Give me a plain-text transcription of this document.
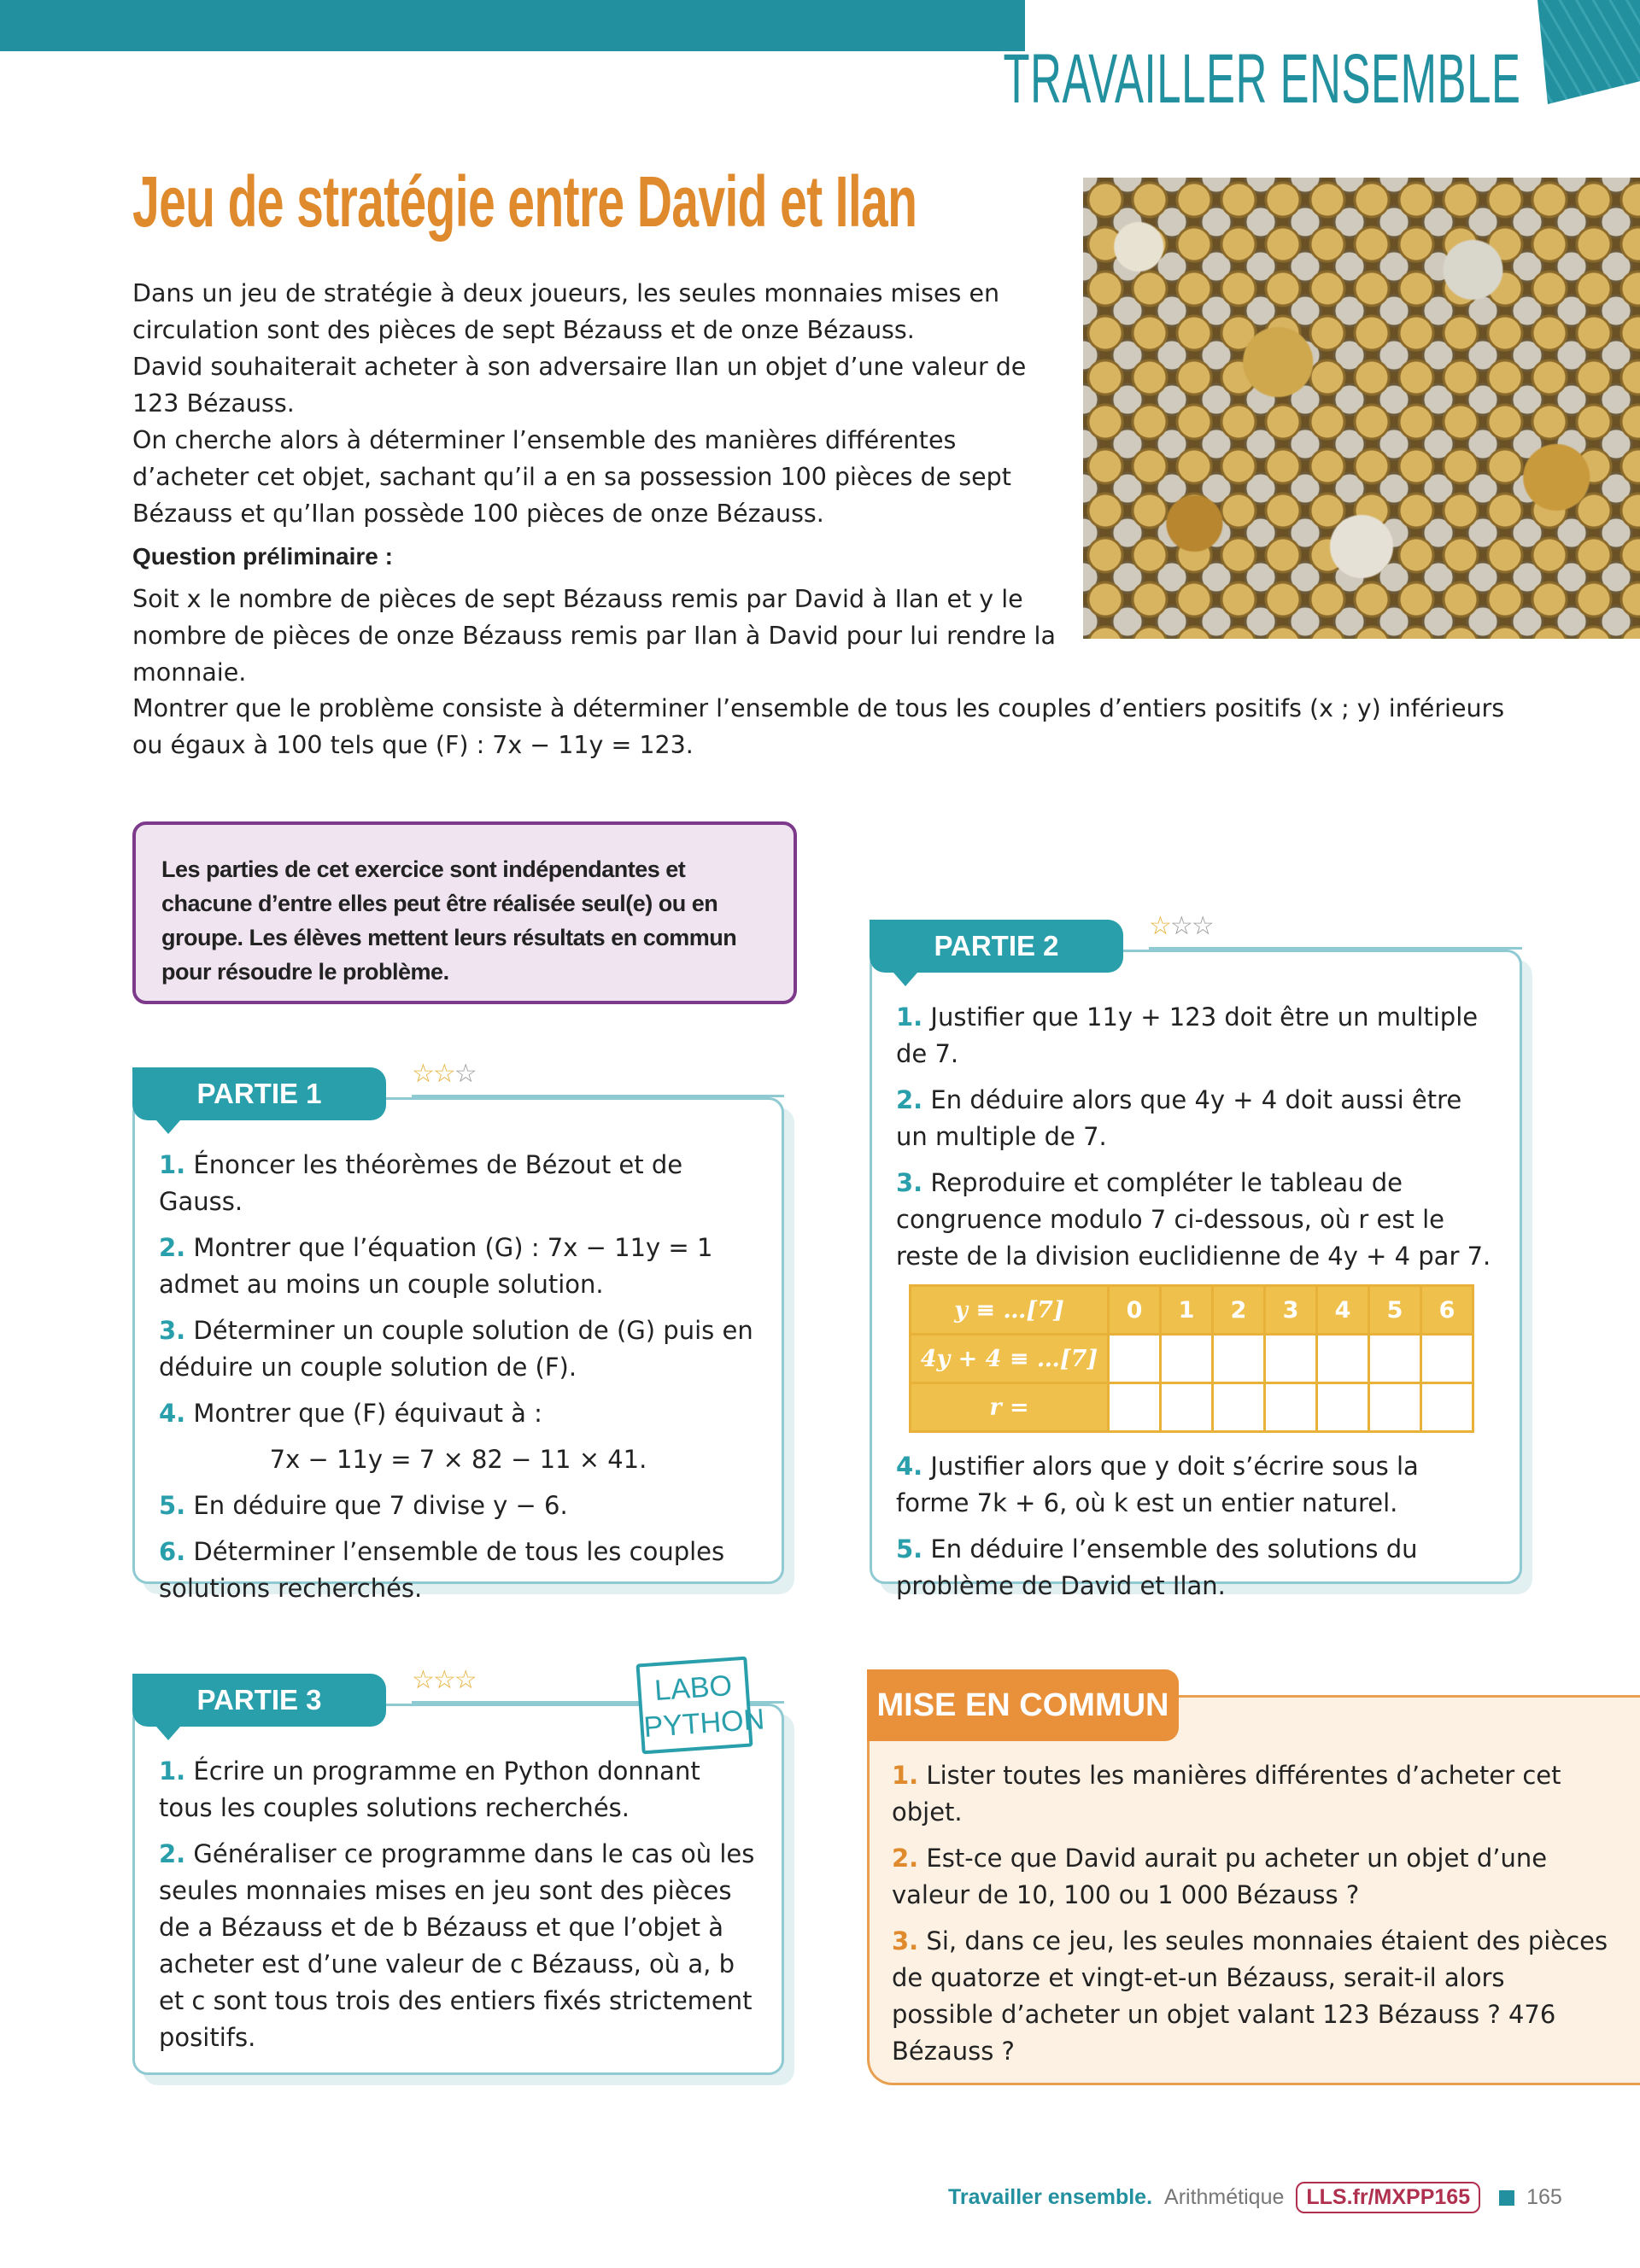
TRAVAILLER ENSEMBLE
Jeu de stratégie entre David et Ilan

Dans un jeu de stratégie à deux joueurs, les seules monnaies mises en circulation sont des pièces de sept Bézauss et de onze Bézauss.

David souhaiterait acheter à son adversaire Ilan un objet d’une valeur de 123 Bézauss.

On cherche alors à déterminer l’ensemble des manières différentes d’acheter cet objet, sachant qu’il a en sa possession 100 pièces de sept Bézauss et qu’Ilan possède 100 pièces de onze Bézauss.

Question préliminaire :
Soit x le nombre de pièces de sept Bézauss remis par David à Ilan et y le nombre de pièces de onze Bézauss remis par Ilan à David pour lui rendre la monnaie.
Montrer que le problème consiste à déterminer l’ensemble de tous les couples d’entiers positifs (x ; y) inférieurs ou égaux à 100 tels que (F) : 7x − 11y = 123.
Les parties de cet exercice sont indépendantes et chacune d’entre elles peut être réalisée seul(e) ou en groupe. Les élèves mettent leurs résultats en commun pour résoudre le problème.
1. Énoncer les théorèmes de Bézout et de Gauss.
2. Montrer que l’équation (G) : 7x − 11y = 1 admet au moins un couple solution.
3. Déterminer un couple solution de (G) puis en déduire un couple solution de (F).
4. Montrer que (F) équivaut à :
7x − 11y = 7 × 82 − 11 × 41.
5. En déduire que 7 divise y − 6.
6. Déterminer l’ensemble de tous les couples solutions recherchés.
PARTIE 1
☆☆☆
1. Justifier que 11y + 123 doit être un multiple de 7.
2. En déduire alors que 4y + 4 doit aussi être un multiple de 7.
3. Reproduire et compléter le tableau de congruence modulo 7 ci-dessous, où r est le reste de la division euclidienne de 4y + 4 par 7.
y ≡ …[7]	0	1	2	3	4	5	6
4y + 4 ≡ …[7]							
r =							
4. Justifier alors que y doit s’écrire sous la forme 7k + 6, où k est un entier naturel.
5. En déduire l’ensemble des solutions du problème de David et Ilan.
PARTIE 2
☆☆☆
1. Écrire un programme en Python donnant tous les couples solutions recherchés.
2. Généraliser ce programme dans le cas où les seules monnaies mises en jeu sont des pièces de a Bézauss et de b Bézauss et que l’objet à acheter est d’une valeur de c Bézauss, où a, b et c sont tous trois des entiers fixés strictement positifs.
PARTIE 3
☆☆☆	LABO
PYTHON
1. Lister toutes les manières différentes d’acheter cet objet.
2. Est-ce que David aurait pu acheter un objet d’une valeur de 10, 100 ou 1 000 Bézauss ?
3. Si, dans ce jeu, les seules monnaies étaient des pièces de quatorze et vingt-et-un Bézauss, serait-il alors possible d’acheter un objet valant 123 Bézauss ? 476 Bézauss ?
MISE EN COMMUN
Travailler ensemble. Arithmétique	LLS.fr/MXPP165	165
